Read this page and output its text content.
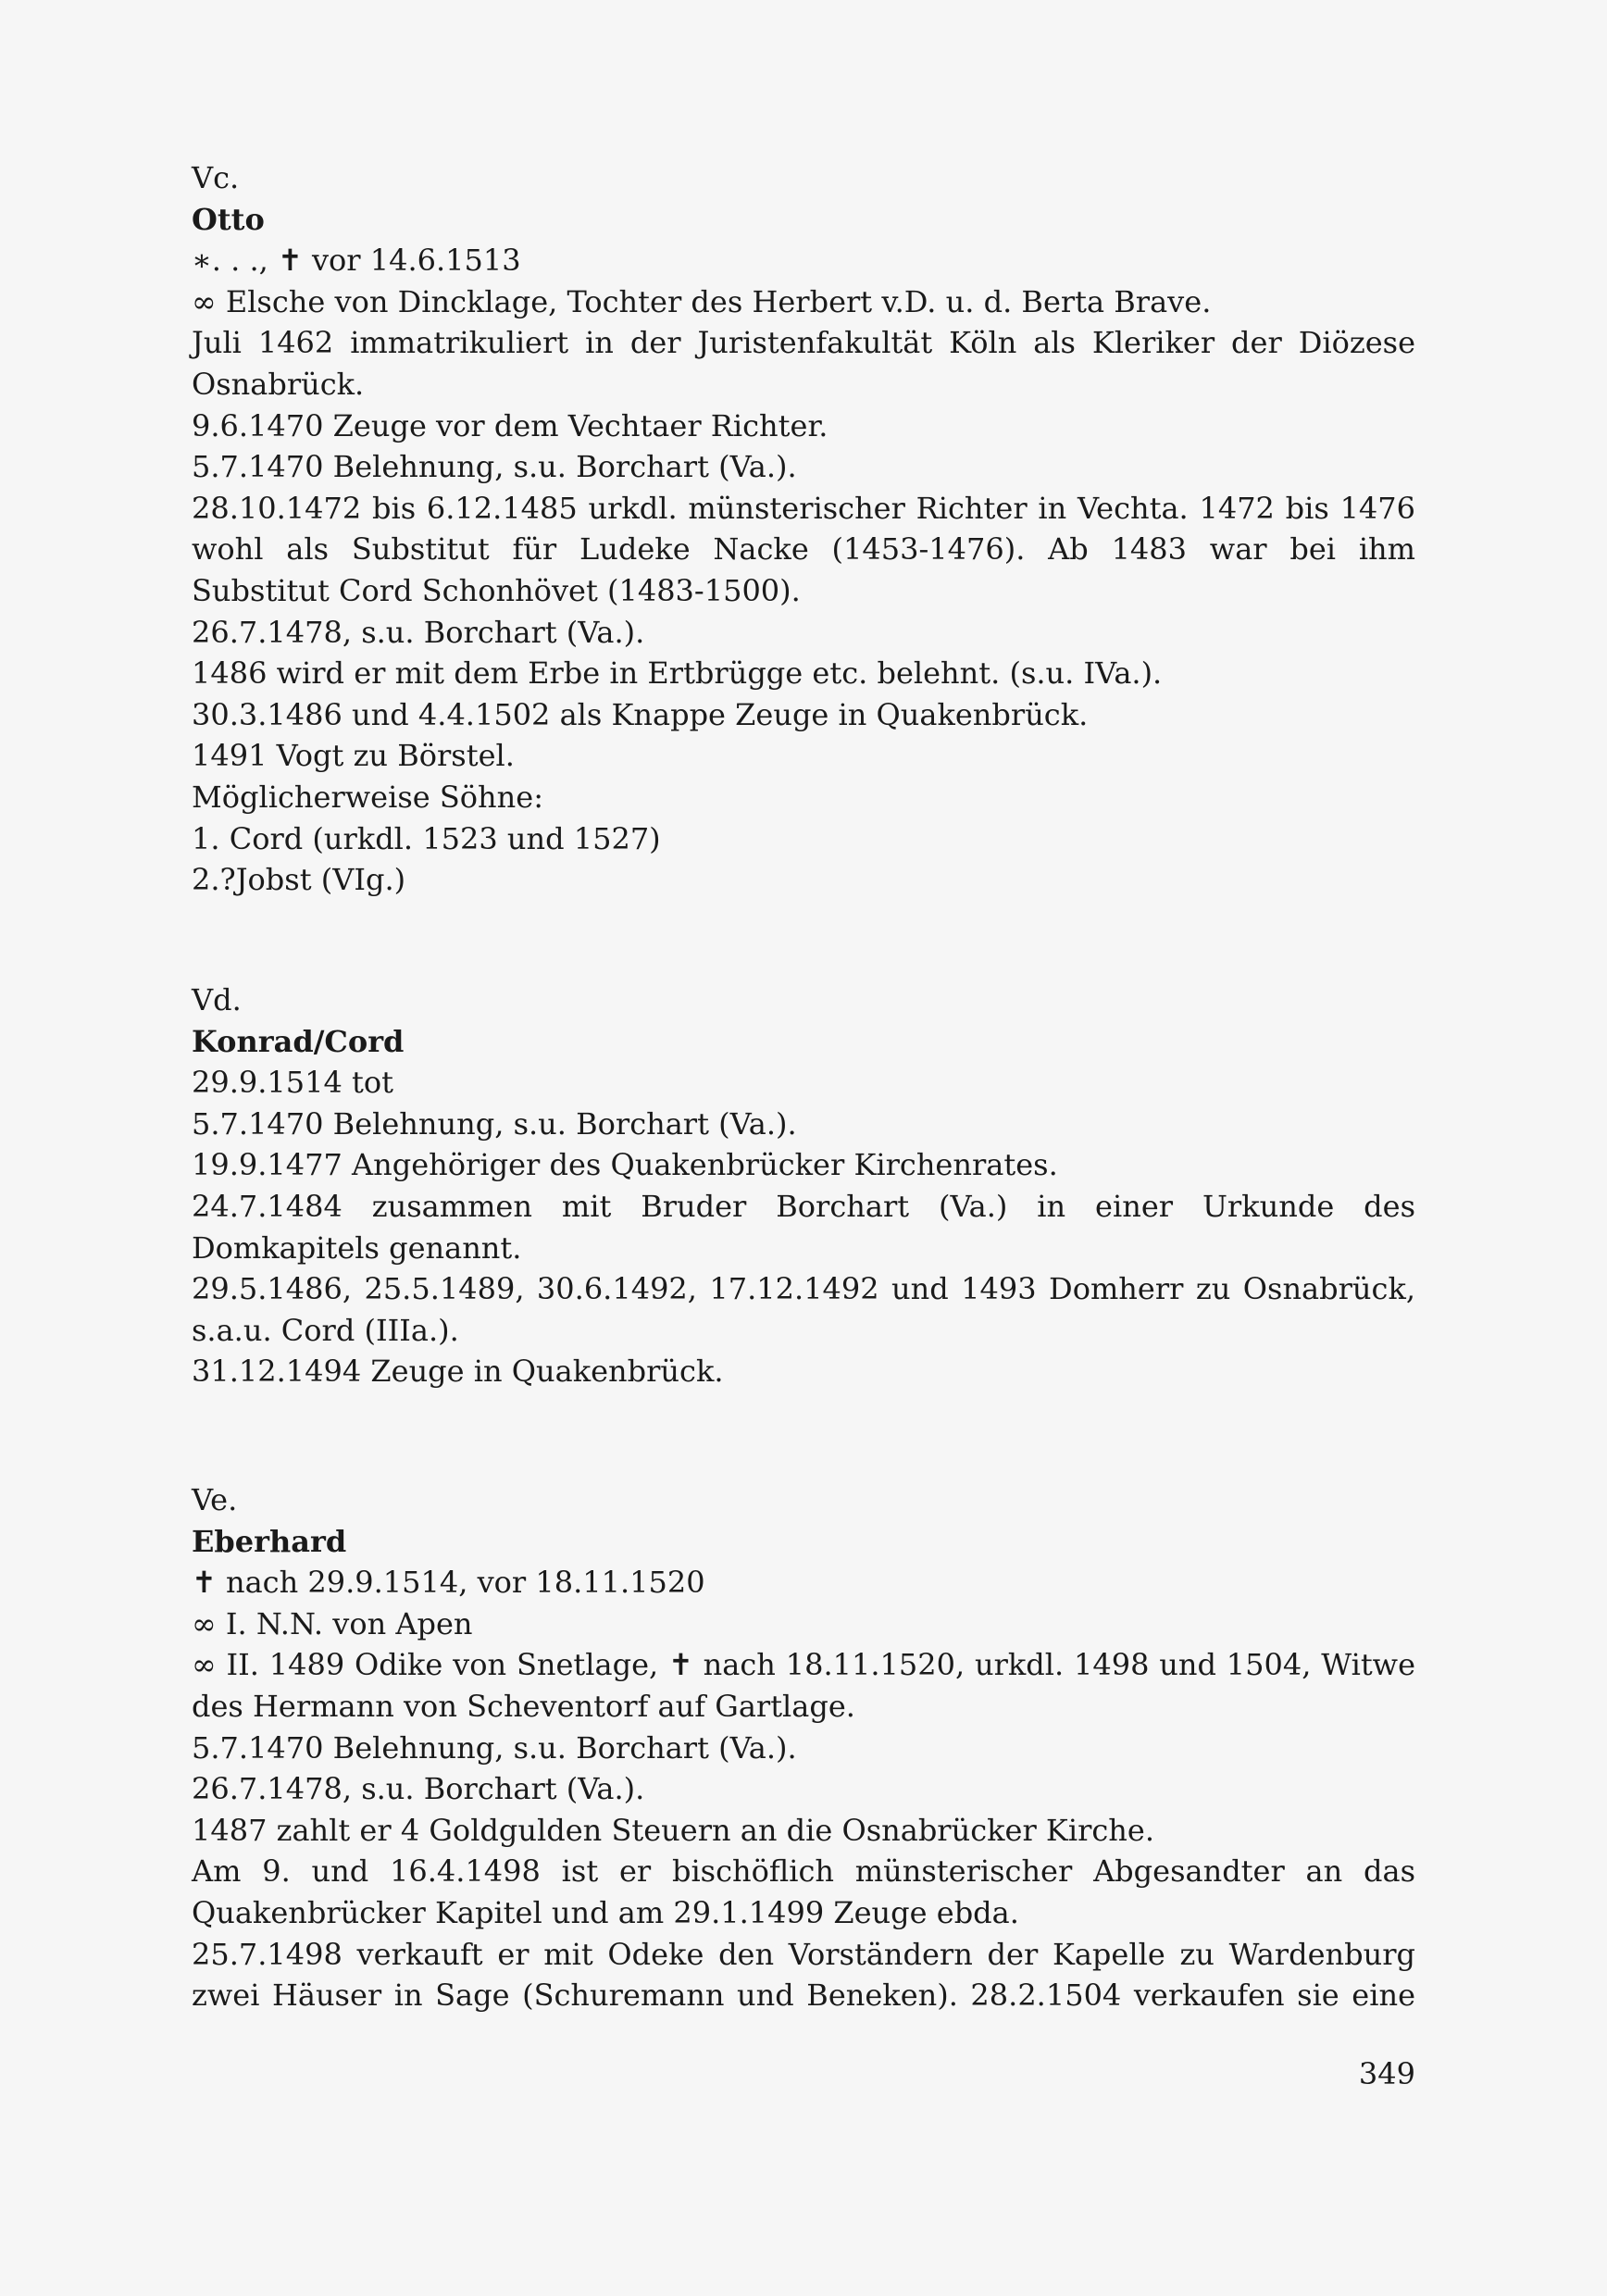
Vc.
Otto
∗. . ., ✝ vor 14.6.1513
∞ Elsche von Dincklage, Tochter des Herbert v.D. u. d. Berta Brave.
Juli 1462 immatrikuliert in der Juristenfakultät Köln als Kleriker der Diözese
Osnabrück.
9.6.1470 Zeuge vor dem Vechtaer Richter.
5.7.1470 Belehnung, s.u. Borchart (Va.).
28.10.1472 bis 6.12.1485 urkdl. münsterischer Richter in Vechta. 1472 bis 1476
wohl als Substitut für Ludeke Nacke (1453-1476). Ab 1483 war bei ihm
Substitut Cord Schonhövet (1483-1500).
26.7.1478, s.u. Borchart (Va.).
1486 wird er mit dem Erbe in Ertbrügge etc. belehnt. (s.u. IVa.).
30.3.1486 und 4.4.1502 als Knappe Zeuge in Quakenbrück.
1491 Vogt zu Börstel.
Möglicherweise Söhne:
1. Cord (urkdl. 1523 und 1527)
2.?Jobst (VIg.)
Vd.
Konrad/Cord
29.9.1514 tot
5.7.1470 Belehnung, s.u. Borchart (Va.).
19.9.1477 Angehöriger des Quakenbrücker Kirchenrates.
24.7.1484 zusammen mit Bruder Borchart (Va.) in einer Urkunde des
Domkapitels genannt.
29.5.1486, 25.5.1489, 30.6.1492, 17.12.1492 und 1493 Domherr zu Osnabrück,
s.a.u. Cord (IIIa.).
31.12.1494 Zeuge in Quakenbrück.
Ve.
Eberhard
✝ nach 29.9.1514, vor 18.11.1520
∞ I. N.N. von Apen
∞ II. 1489 Odike von Snetlage, ✝ nach 18.11.1520, urkdl. 1498 und 1504, Witwe
des Hermann von Scheventorf auf Gartlage.
5.7.1470 Belehnung, s.u. Borchart (Va.).
26.7.1478, s.u. Borchart (Va.).
1487 zahlt er 4 Goldgulden Steuern an die Osnabrücker Kirche.
Am 9. und 16.4.1498 ist er bischöflich münsterischer Abgesandter an das
Quakenbrücker Kapitel und am 29.1.1499 Zeuge ebda.
25.7.1498 verkauft er mit Odeke den Vorständern der Kapelle zu Wardenburg
zwei Häuser in Sage (Schuremann und Beneken). 28.2.1504 verkaufen sie eine
349
